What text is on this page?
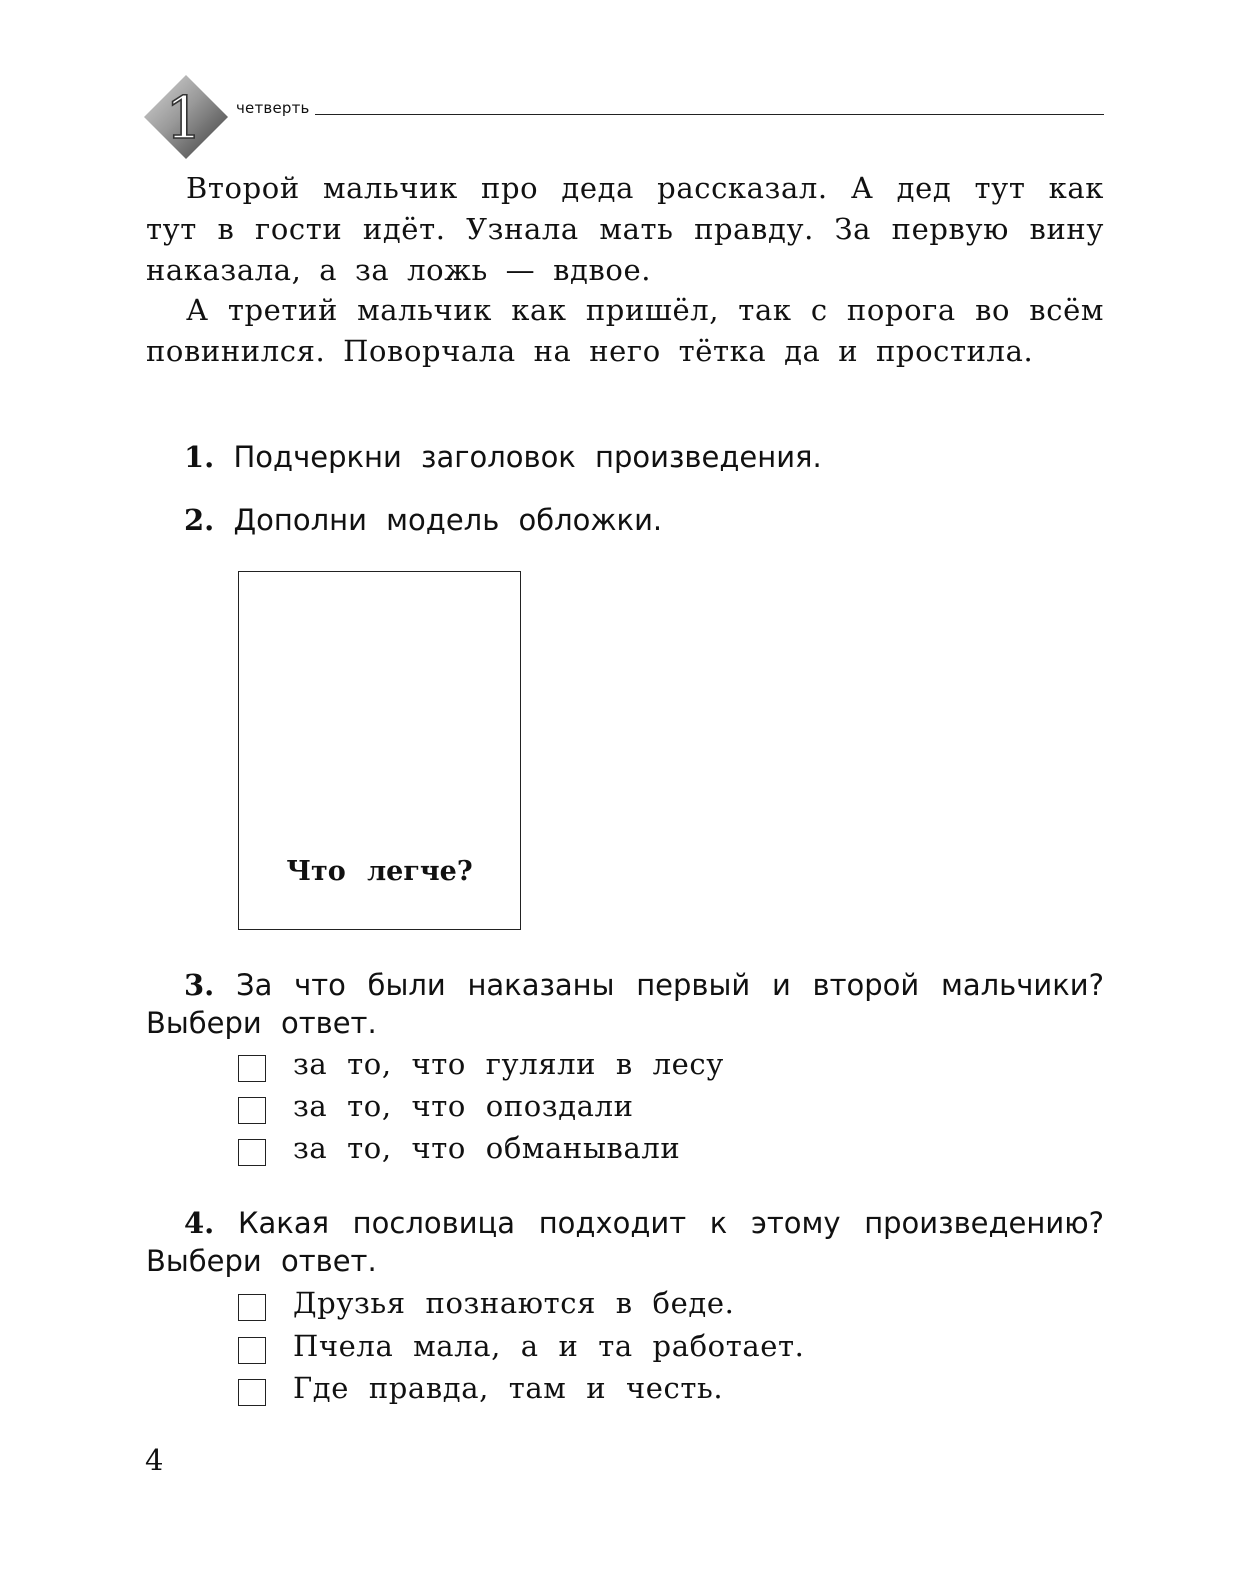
1 четверть

Второй мальчик про деда рассказал. А дед тут как тут в гости идёт. Узнала мать правду. За первую вину наказала, а за ложь — вдвое.

А третий мальчик как пришёл, так с порога во всём повинился. Поворчала на него тётка да и простила.

1. Подчеркни заголовок произведения.

2. Дополни модель обложки.

Что легче?

3. За что были наказаны первый и второй мальчики? Выбери ответ.

за то, что гуляли в лесу
за то, что опоздали
за то, что обманывали

4. Какая пословица подходит к этому произведению? Выбери ответ.

Друзья познаются в беде.
Пчела мала, а и та работает.
Где правда, там и честь.
4
